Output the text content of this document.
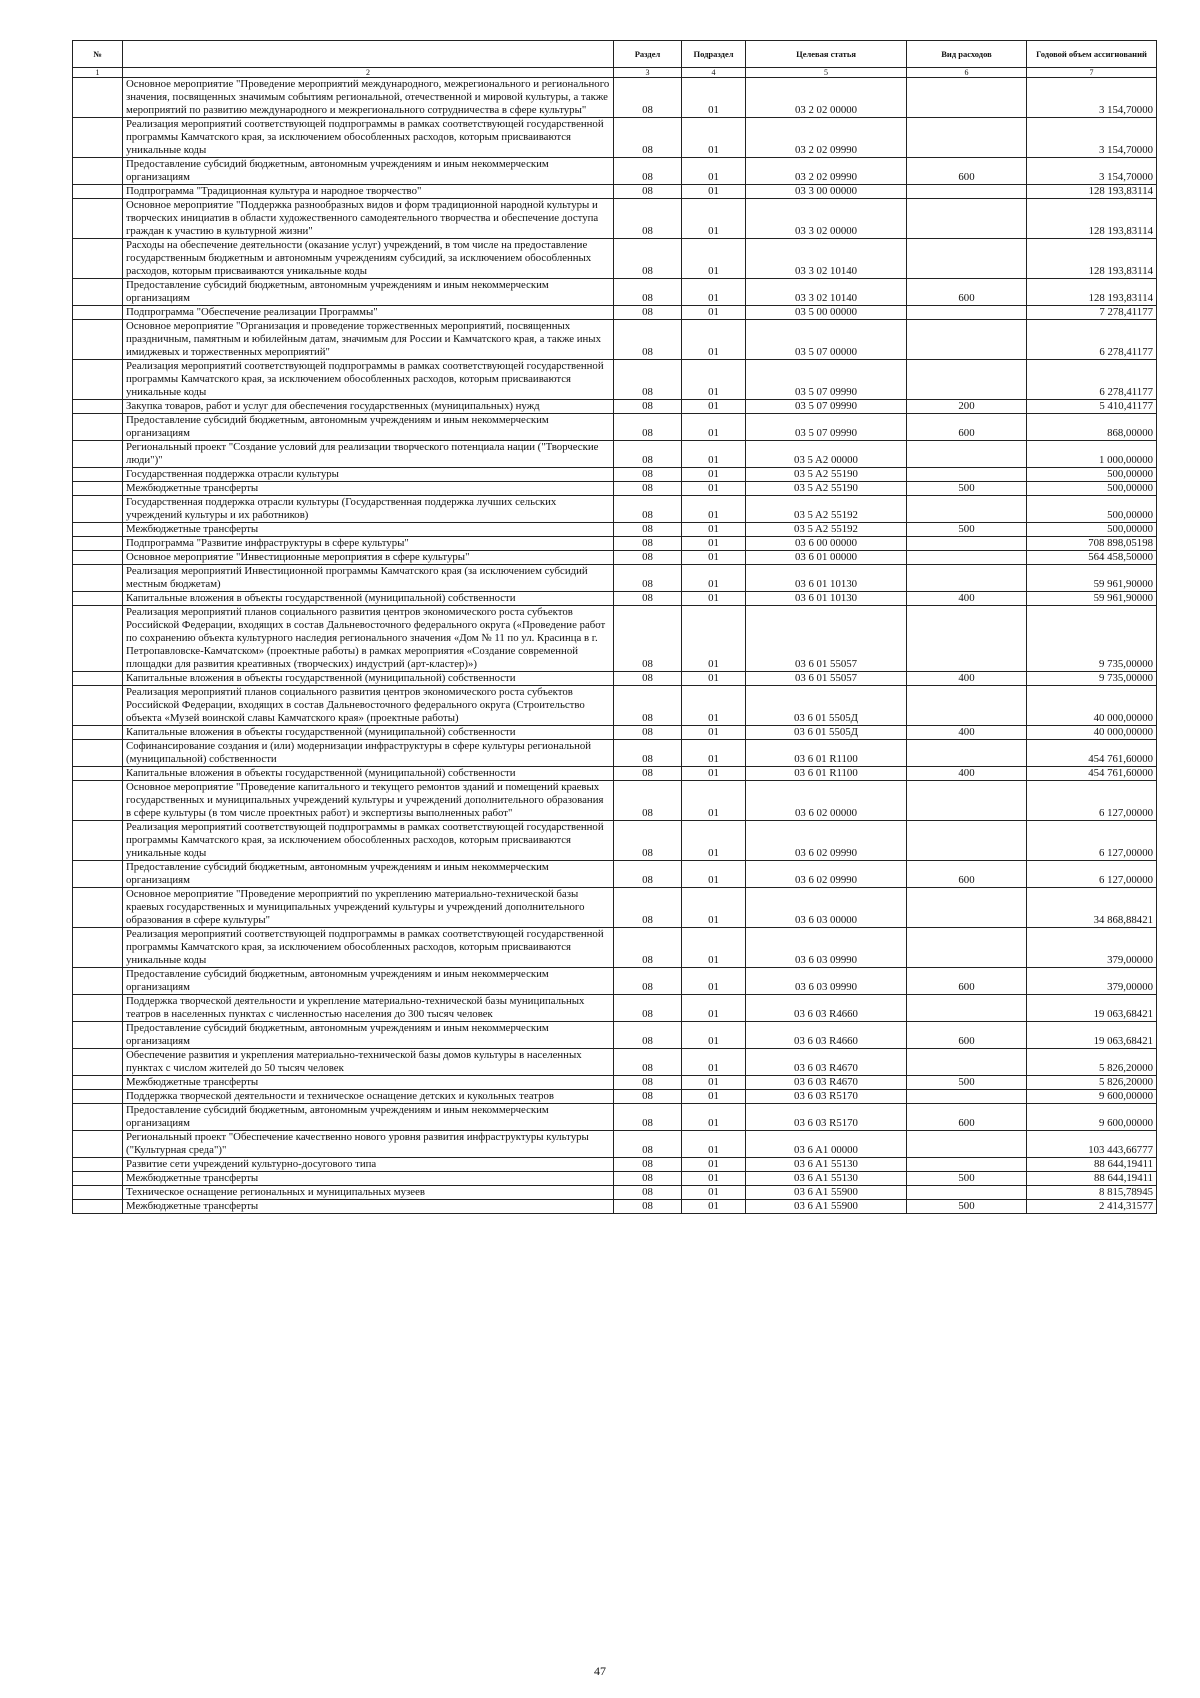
№		Раздел	Подраздел	Целевая статья	Вид расходов	Годовой объем ассигнований
1	2	3	4	5	6	7
	Основное мероприятие "Проведение мероприятий международного, межрегионального и регионального значения, посвященных значимым событиям региональной, отечественной и мировой культуры, а также мероприятий по развитию международного и межрегионального сотрудничества в сфере культуры"	08	01	03 2 02 00000		3 154,70000
	Реализация мероприятий соответствующей подпрограммы в рамках соответствующей государственной программы Камчатского края, за исключением обособленных расходов, которым присваиваются уникальные коды	08	01	03 2 02 09990		3 154,70000
	Предоставление субсидий бюджетным, автономным учреждениям и иным некоммерческим организациям	08	01	03 2 02 09990	600	3 154,70000
	Подпрограмма "Традиционная культура и народное творчество"	08	01	03 3 00 00000		128 193,83114
	Основное мероприятие "Поддержка разнообразных видов и форм традиционной народной культуры и творческих инициатив в области художественного самодеятельного творчества и обеспечение доступа граждан к участию в культурной жизни"	08	01	03 3 02 00000		128 193,83114
	Расходы на обеспечение деятельности (оказание услуг) учреждений, в том числе на предоставление государственным бюджетным и автономным учреждениям субсидий, за исключением обособленных расходов, которым присваиваются уникальные коды	08	01	03 3 02 10140		128 193,83114
	Предоставление субсидий бюджетным, автономным учреждениям и иным некоммерческим организациям	08	01	03 3 02 10140	600	128 193,83114
	Подпрограмма "Обеспечение реализации Программы"	08	01	03 5 00 00000		7 278,41177
	Основное мероприятие "Организация и проведение торжественных мероприятий, посвященных праздничным, памятным и юбилейным датам, значимым для России и Камчатского края, а также иных имиджевых и торжественных мероприятий"	08	01	03 5 07 00000		6 278,41177
	Реализация мероприятий соответствующей подпрограммы в рамках соответствующей государственной программы Камчатского края, за исключением обособленных расходов, которым присваиваются уникальные коды	08	01	03 5 07 09990		6 278,41177
	Закупка товаров, работ и услуг для обеспечения государственных (муниципальных) нужд	08	01	03 5 07 09990	200	5 410,41177
	Предоставление субсидий бюджетным, автономным учреждениям и иным некоммерческим организациям	08	01	03 5 07 09990	600	868,00000
	Региональный проект "Создание условий для реализации творческого потенциала нации ("Творческие люди")"	08	01	03 5 A2 00000		1 000,00000
	Государственная поддержка отрасли культуры	08	01	03 5 A2 55190		500,00000
	Межбюджетные трансферты	08	01	03 5 A2 55190	500	500,00000
	Государственная поддержка отрасли культуры (Государственная поддержка лучших сельских учреждений культуры и их работников)	08	01	03 5 A2 55192		500,00000
	Межбюджетные трансферты	08	01	03 5 A2 55192	500	500,00000
	Подпрограмма "Развитие инфраструктуры в сфере культуры"	08	01	03 6 00 00000		708 898,05198
	Основное мероприятие "Инвестиционные мероприятия в сфере культуры"	08	01	03 6 01 00000		564 458,50000
	Реализация мероприятий Инвестиционной программы Камчатского края (за исключением субсидий местным бюджетам)	08	01	03 6 01 10130		59 961,90000
	Капитальные вложения в объекты государственной (муниципальной) собственности	08	01	03 6 01 10130	400	59 961,90000
	Реализация мероприятий планов социального развития центров экономического роста субъектов Российской Федерации, входящих в состав Дальневосточного федерального округа («Проведение работ по сохранению объекта культурного наследия регионального значения «Дом № 11 по ул. Красинца в г. Петропавловске-Камчатском» (проектные работы) в рамках мероприятия «Создание современной площадки для развития креативных (творческих) индустрий (арт-кластер)»)	08	01	03 6 01 55057		9 735,00000
	Капитальные вложения в объекты государственной (муниципальной) собственности	08	01	03 6 01 55057	400	9 735,00000
	Реализация мероприятий планов социального развития центров экономического роста субъектов Российской Федерации, входящих в состав Дальневосточного федерального округа (Строительство объекта «Музей воинской славы Камчатского края» (проектные работы)	08	01	03 6 01 5505Д		40 000,00000
	Капитальные вложения в объекты государственной (муниципальной) собственности	08	01	03 6 01 5505Д	400	40 000,00000
	Софинансирование создания и (или) модернизации инфраструктуры в сфере культуры региональной (муниципальной) собственности	08	01	03 6 01 R1100		454 761,60000
	Капитальные вложения в объекты государственной (муниципальной) собственности	08	01	03 6 01 R1100	400	454 761,60000
	Основное мероприятие "Проведение капитального и текущего ремонтов зданий и помещений краевых государственных и муниципальных учреждений культуры и учреждений дополнительного образования в сфере культуры (в том числе проектных работ) и экспертизы выполненных работ"	08	01	03 6 02 00000		6 127,00000
	Реализация мероприятий соответствующей подпрограммы в рамках соответствующей государственной программы Камчатского края, за исключением обособленных расходов, которым присваиваются уникальные коды	08	01	03 6 02 09990		6 127,00000
	Предоставление субсидий бюджетным, автономным учреждениям и иным некоммерческим организациям	08	01	03 6 02 09990	600	6 127,00000
	Основное мероприятие "Проведение мероприятий по укреплению материально-технической базы краевых государственных и муниципальных учреждений культуры и учреждений дополнительного образования в сфере культуры"	08	01	03 6 03 00000		34 868,88421
	Реализация мероприятий соответствующей подпрограммы в рамках соответствующей государственной программы Камчатского края, за исключением обособленных расходов, которым присваиваются уникальные коды	08	01	03 6 03 09990		379,00000
	Предоставление субсидий бюджетным, автономным учреждениям и иным некоммерческим организациям	08	01	03 6 03 09990	600	379,00000
	Поддержка творческой деятельности и укрепление материально-технической базы муниципальных театров в населенных пунктах с численностью населения до 300 тысяч человек	08	01	03 6 03 R4660		19 063,68421
	Предоставление субсидий бюджетным, автономным учреждениям и иным некоммерческим организациям	08	01	03 6 03 R4660	600	19 063,68421
	Обеспечение развития и укрепления материально-технической базы домов культуры в населенных пунктах с числом жителей до 50 тысяч человек	08	01	03 6 03 R4670		5 826,20000
	Межбюджетные трансферты	08	01	03 6 03 R4670	500	5 826,20000
	Поддержка творческой деятельности и техническое оснащение детских и кукольных театров	08	01	03 6 03 R5170		9 600,00000
	Предоставление субсидий бюджетным, автономным учреждениям и иным некоммерческим организациям	08	01	03 6 03 R5170	600	9 600,00000
	Региональный проект "Обеспечение качественно нового уровня развития инфраструктуры культуры ("Культурная среда")"	08	01	03 6 A1 00000		103 443,66777
	Развитие сети учреждений культурно-досугового типа	08	01	03 6 A1 55130		88 644,19411
	Межбюджетные трансферты	08	01	03 6 A1 55130	500	88 644,19411
	Техническое оснащение региональных и муниципальных музеев	08	01	03 6 A1 55900		8 815,78945
	Межбюджетные трансферты	08	01	03 6 A1 55900	500	2 414,31577
47
